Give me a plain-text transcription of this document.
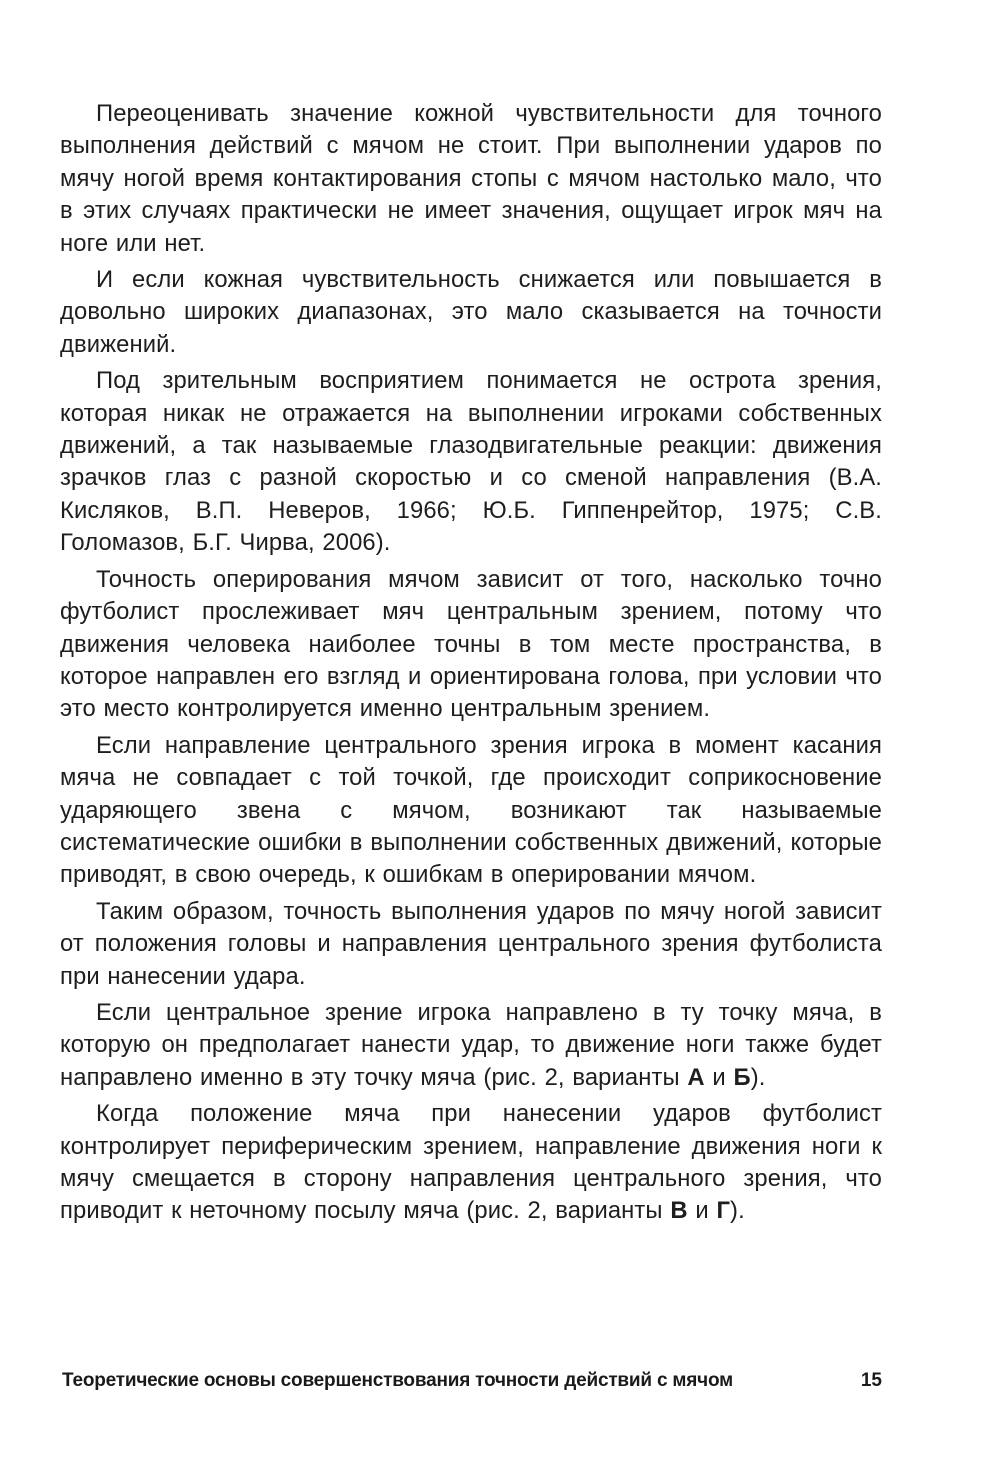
Переоценивать значение кожной чувствительности для точного выполнения действий с мячом не стоит. При выполнении ударов по мячу ногой время контактирования стопы с мячом настолько мало, что в этих случаях практически не имеет значения, ощущает игрок мяч на ноге или нет.

И если кожная чувствительность снижается или повышается в довольно широких диапазонах, это мало сказывается на точности движений.

Под зрительным восприятием понимается не острота зрения, которая никак не отражается на выполнении игроками собственных движений, а так называемые глазодвигательные реакции: движения зрачков глаз с разной скоростью и со сменой направления (В.А. Кисляков, В.П. Неверов, 1966; Ю.Б. Гиппенрейтор, 1975; С.В. Голомазов, Б.Г. Чирва, 2006).

Точность оперирования мячом зависит от того, насколько точно футболист прослеживает мяч центральным зрением, потому что движения человека наиболее точны в том месте пространства, в которое направлен его взгляд и ориентирована голова, при условии что это место контролируется именно центральным зрением.

Если направление центрального зрения игрока в момент касания мяча не совпадает с той точкой, где происходит соприкосновение ударяющего звена с мячом, возникают так называемые систематические ошибки в выполнении собственных движений, которые приводят, в свою очередь, к ошибкам в оперировании мячом.

Таким образом, точность выполнения ударов по мячу ногой зависит от положения головы и направления центрального зрения футболиста при нанесении удара.

Если центральное зрение игрока направлено в ту точку мяча, в которую он предполагает нанести удар, то движение ноги также будет направлено именно в эту точку мяча (рис. 2, варианты А и Б).

Когда положение мяча при нанесении ударов футболист контролирует периферическим зрением, направление движения ноги к мячу смещается в сторону направления центрального зрения, что приводит к неточному посылу мяча (рис. 2, варианты В и Г).

Теоретические основы совершенствования точности действий с мячом	15
